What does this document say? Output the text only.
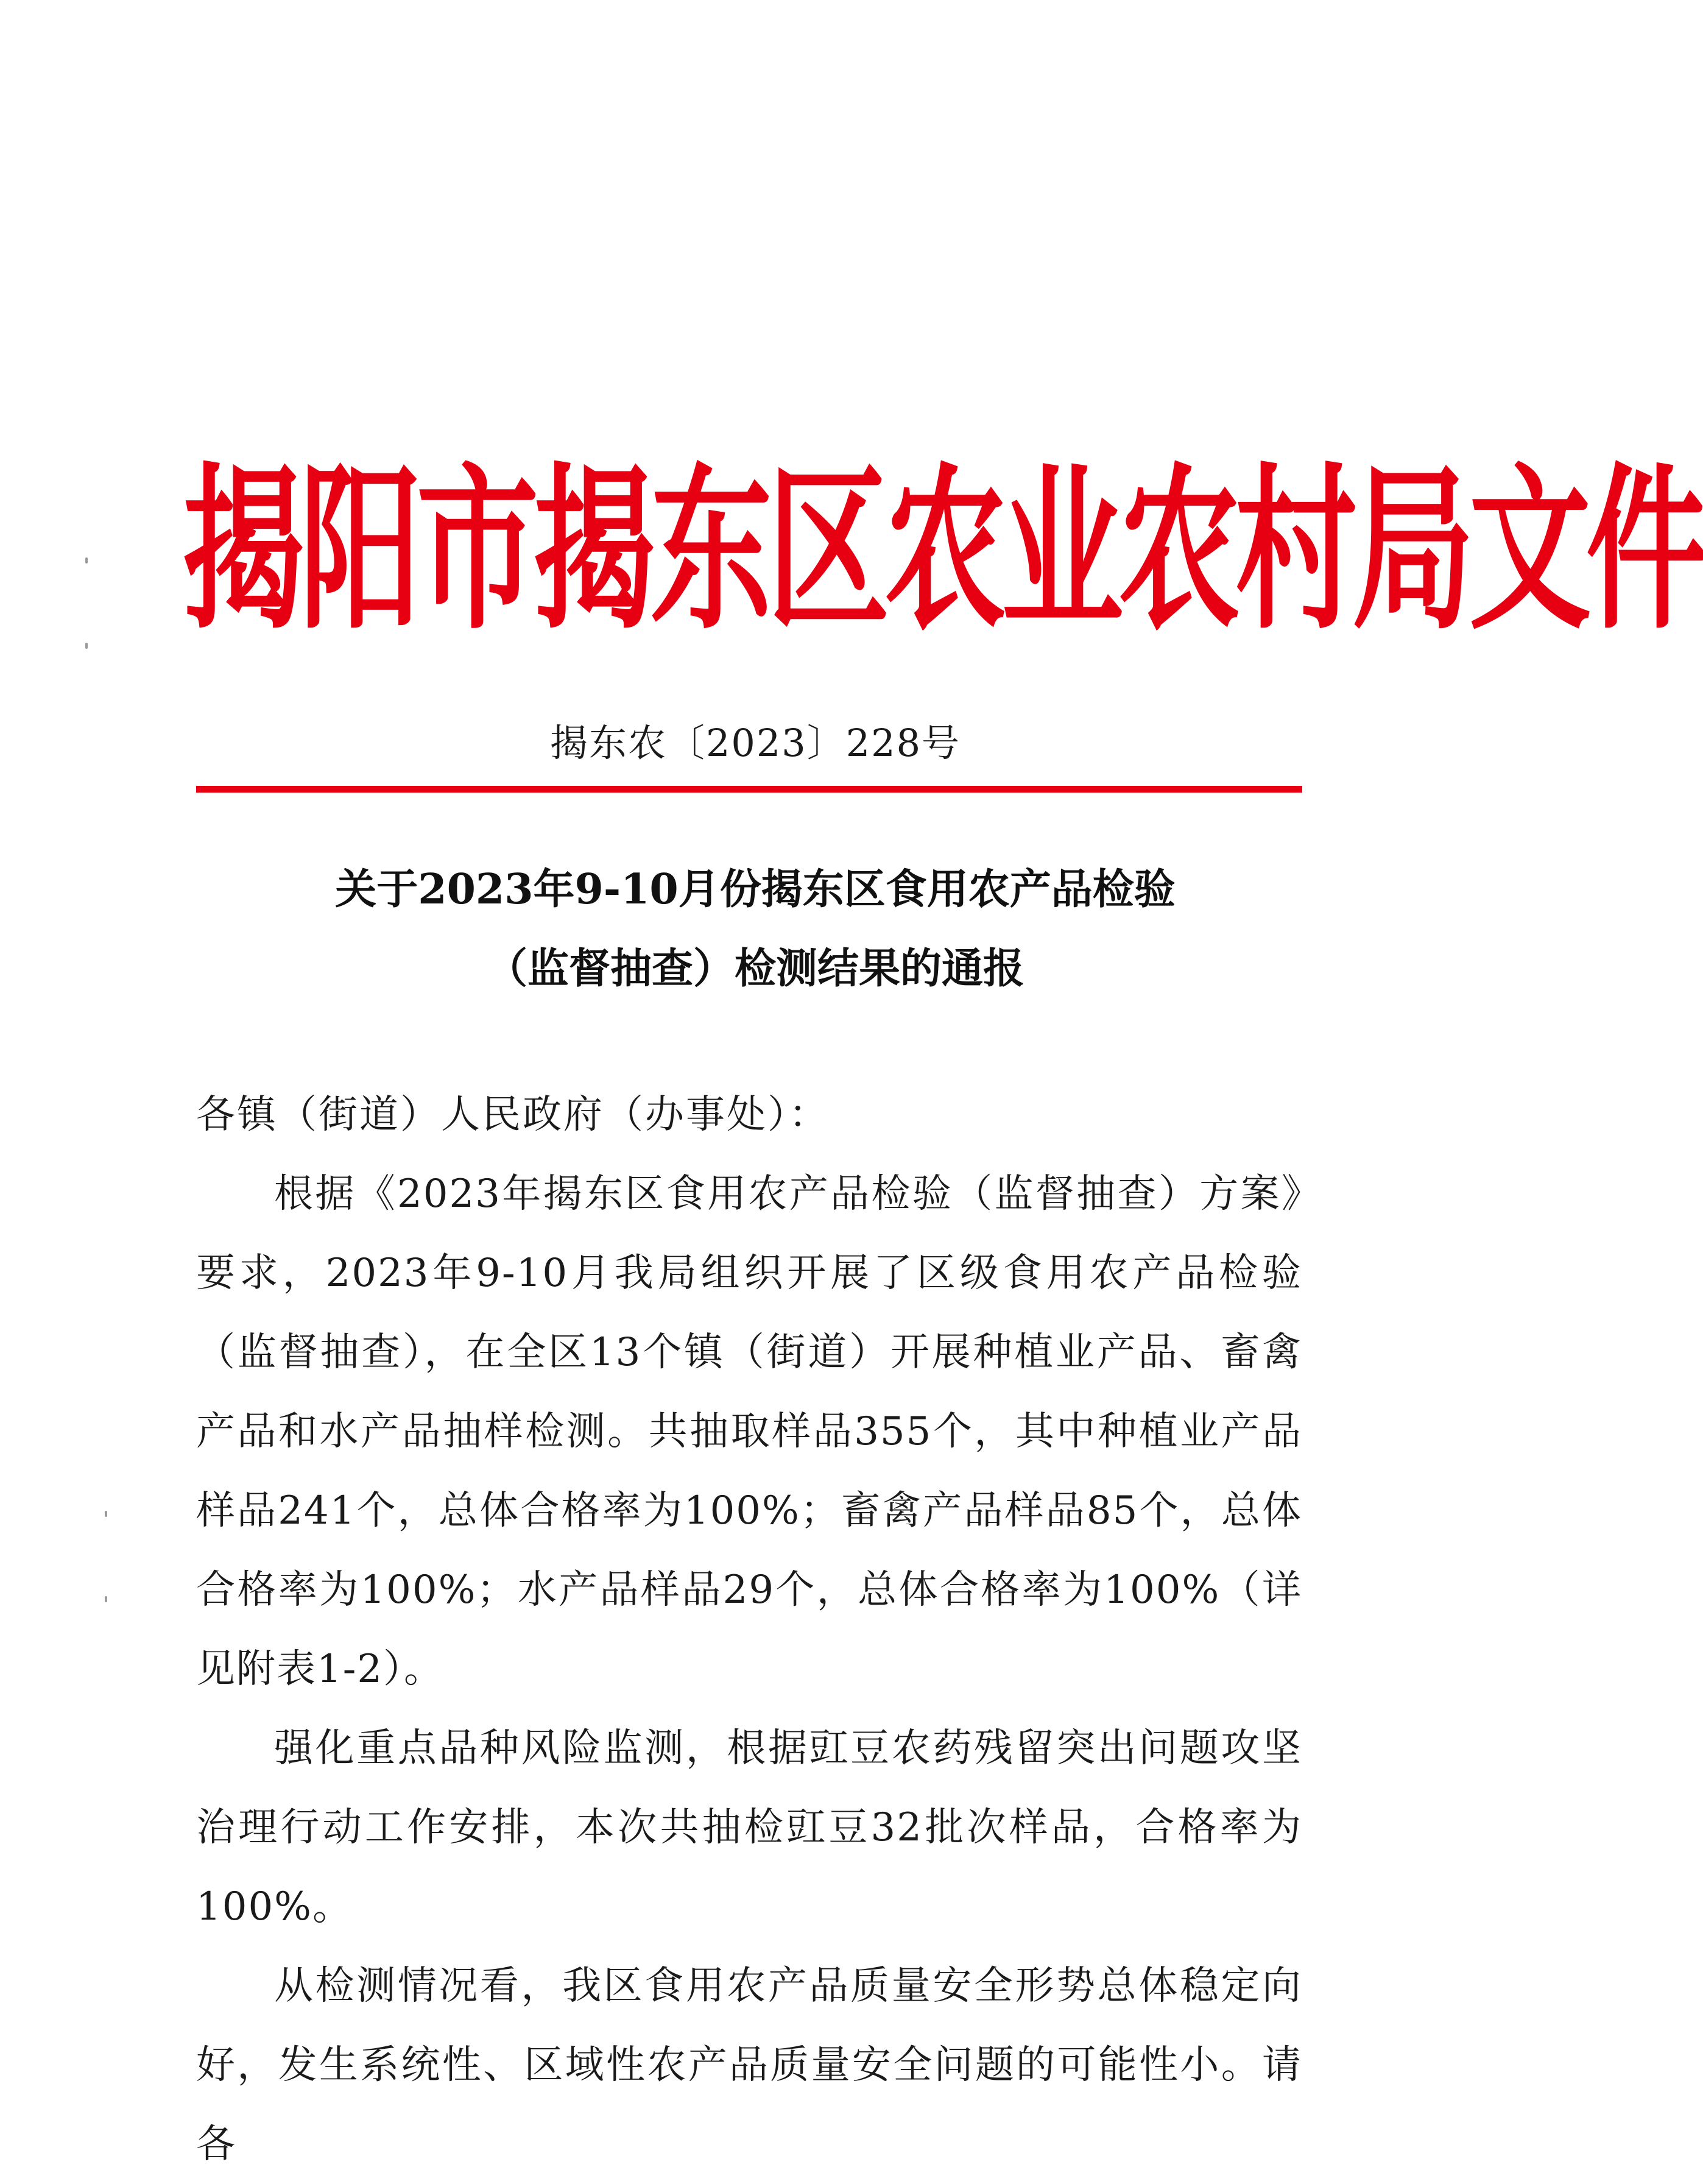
揭阳市揭东区农业农村局文件
揭东农〔2023〕228号
关于2023年9-10月份揭东区食用农产品检验
（监督抽查）检测结果的通报
各镇（街道）人民政府（办事处）：

根据《2023年揭东区食用农产品检验（监督抽查）方案》要求，2023年9-10月我局组织开展了区级食用农产品检验（监督抽查），在全区13个镇（街道）开展种植业产品、畜禽产品和水产品抽样检测。共抽取样品355个，其中种植业产品样品241个，总体合格率为100%；畜禽产品样品85个，总体合格率为100%；水产品样品29个，总体合格率为100%（详见附表1-2）。

强化重点品种风险监测，根据豇豆农药残留突出问题攻坚治理行动工作安排，本次共抽检豇豆32批次样品，合格率为100%。

从检测情况看，我区食用农产品质量安全形势总体稳定向好，发生系统性、区域性农产品质量安全问题的可能性小。请各
